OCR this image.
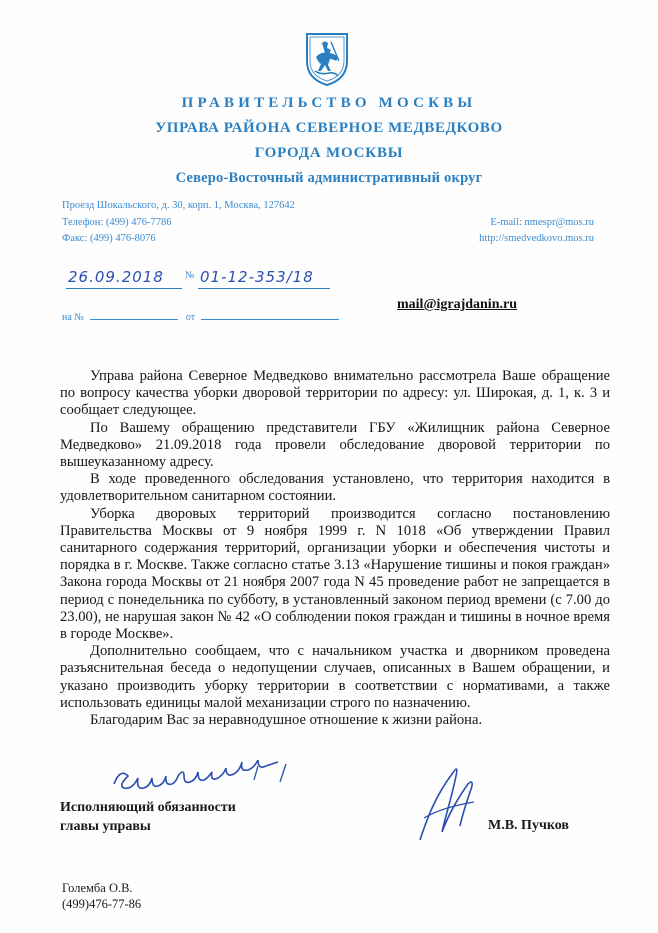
ПРАВИТЕЛЬСТВО МОСКВЫ
УПРАВА РАЙОНА СЕВЕРНОЕ МЕДВЕДКОВО
ГОРОДА МОСКВЫ
Северо-Восточный административный округ
Проезд Шокальского, д. 30, корп. 1, Москва, 127642
Телефон: (499) 476-7786
Факс: (499) 476-8076
E-mail: nmespr@mos.ru
http://smedvedkovo.mos.ru
26.09.2018 № 01-12-353/18
на №	от
mail@igrajdanin.ru

Управа района Северное Медведково внимательно рассмотрела Ваше обращение по вопросу качества уборки дворовой территории по адресу: ул. Широкая, д. 1, к. 3 и сообщает следующее.

По Вашему обращению представители ГБУ «Жилищник района Северное Медведково» 21.09.2018 года провели обследование дворовой территории по вышеуказанному адресу.

В ходе проведенного обследования установлено, что территория находится в удовлетворительном санитарном состоянии.

Уборка дворовых территорий производится согласно постановлению Правительства Москвы от 9 ноября 1999 г. N 1018 «Об утверждении Правил санитарного содержания территорий, организации уборки и обеспечения чистоты и порядка в г. Москве. Также согласно статье 3.13 «Нарушение тишины и покоя граждан» Закона города Москвы от 21 ноября 2007 года N 45 проведение работ не запрещается в период с понедельника по субботу, в установленный законом период времени (с 7.00 до 23.00), не нарушая закон № 42 «О соблюдении покоя граждан и тишины в ночное время в городе Москве».

Дополнительно сообщаем, что с начальником участка и дворником проведена разъяснительная беседа о недопущении случаев, описанных в Вашем обращении, и указано производить уборку территории в соответствии с нормативами, а также использовать единицы малой механизации строго по назначению.

Благодарим Вас за неравнодушное отношение к жизни района.

Исполняющий обязанности
главы управы	М.В. Пучков
Големба О.В.
(499)476-77-86
